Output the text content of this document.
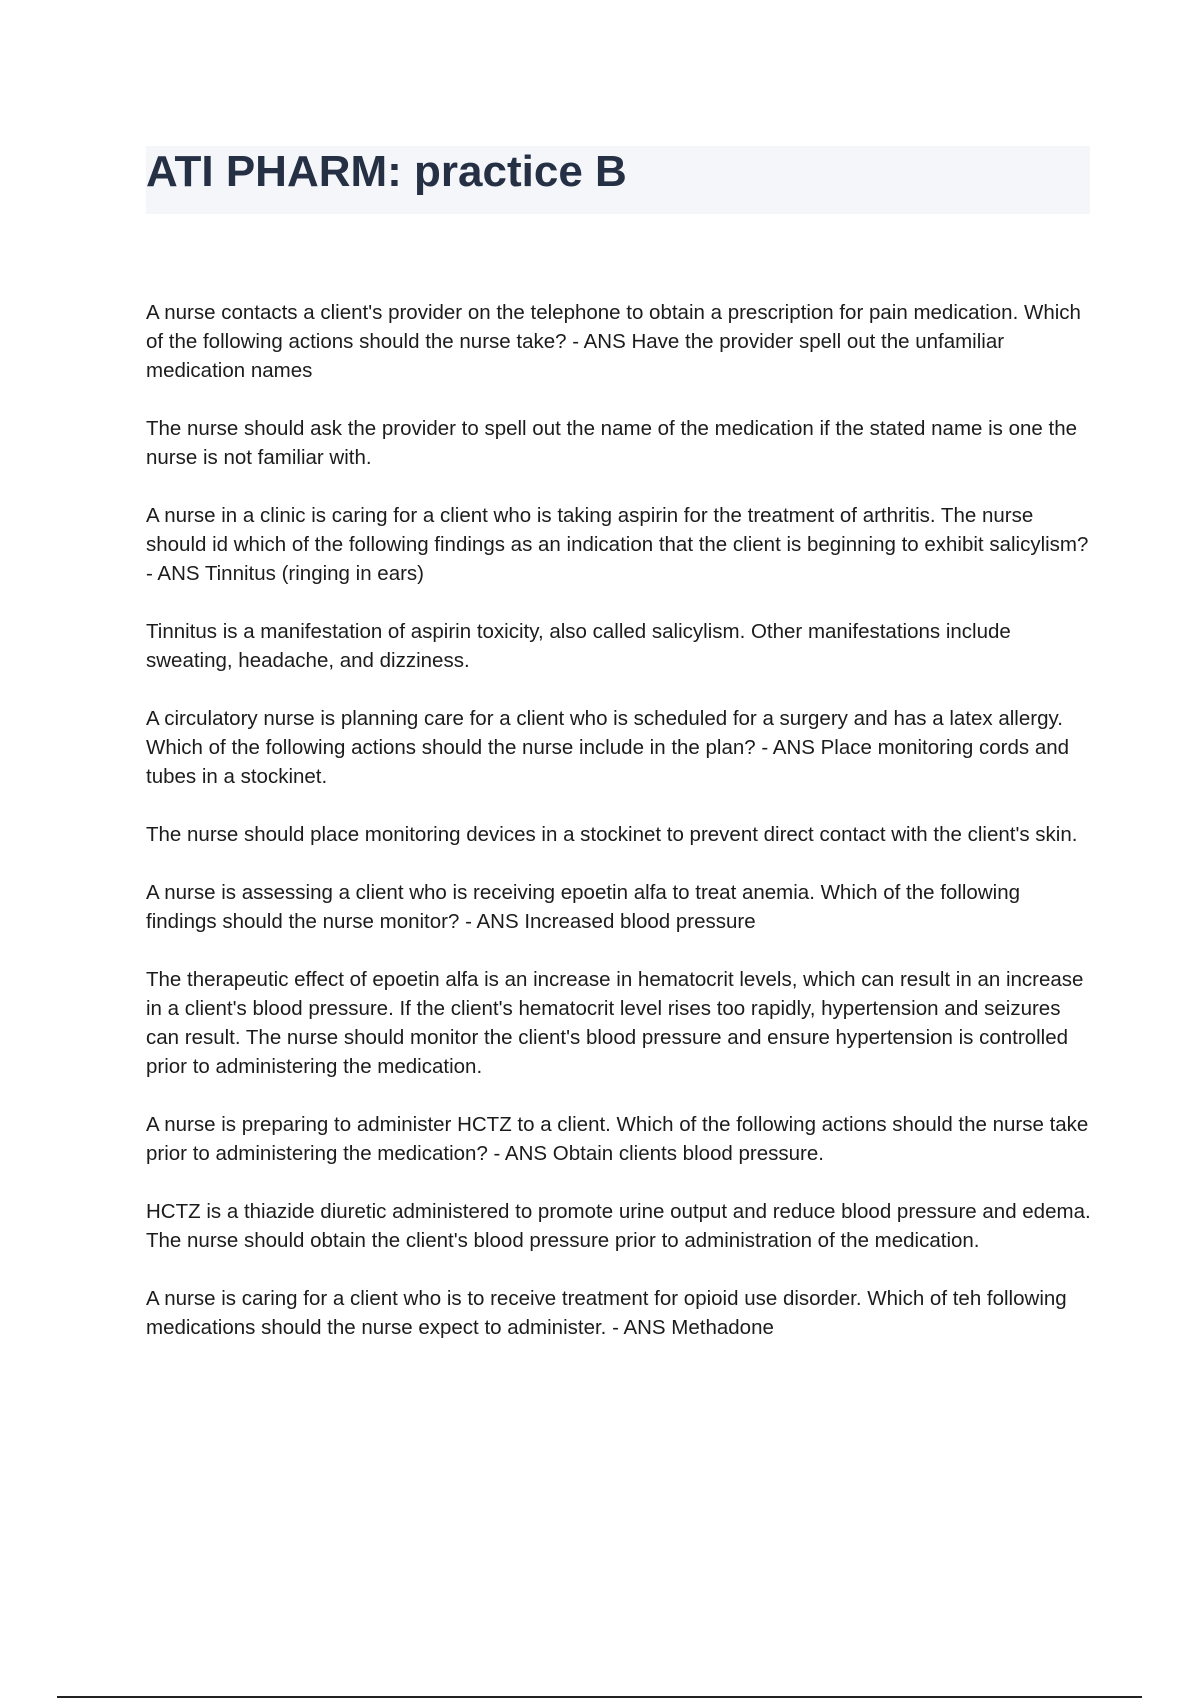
ATI PHARM: practice B

A nurse contacts a client's provider on the telephone to obtain a prescription for pain medication. Which of the following actions should the nurse take? - ANS Have the provider spell out the unfamiliar medication names

The nurse should ask the provider to spell out the name of the medication if the stated name is one the nurse is not familiar with.

A nurse in a clinic is caring for a client who is taking aspirin for the treatment of arthritis. The nurse should id which of the following findings as an indication that the client is beginning to exhibit salicylism? - ANS Tinnitus (ringing in ears)

Tinnitus is a manifestation of aspirin toxicity, also called salicylism. Other manifestations include sweating, headache, and dizziness.

A circulatory nurse is planning care for a client who is scheduled for a surgery and has a latex allergy. Which of the following actions should the nurse include in the plan? - ANS Place monitoring cords and tubes in a stockinet.

The nurse should place monitoring devices in a stockinet to prevent direct contact with the client's skin.

A nurse is assessing a client who is receiving epoetin alfa to treat anemia. Which of the following findings should the nurse monitor? - ANS Increased blood pressure

The therapeutic effect of epoetin alfa is an increase in hematocrit levels, which can result in an increase in a client's blood pressure. If the client's hematocrit level rises too rapidly, hypertension and seizures can result. The nurse should monitor the client's blood pressure and ensure hypertension is controlled prior to administering the medication.

A nurse is preparing to administer HCTZ to a client. Which of the following actions should the nurse take prior to administering the medication? - ANS Obtain clients blood pressure.

HCTZ is a thiazide diuretic administered to promote urine output and reduce blood pressure and edema. The nurse should obtain the client's blood pressure prior to administration of the medication.

A nurse is caring for a client who is to receive treatment for opioid use disorder. Which of teh following medications should the nurse expect to administer. - ANS Methadone
